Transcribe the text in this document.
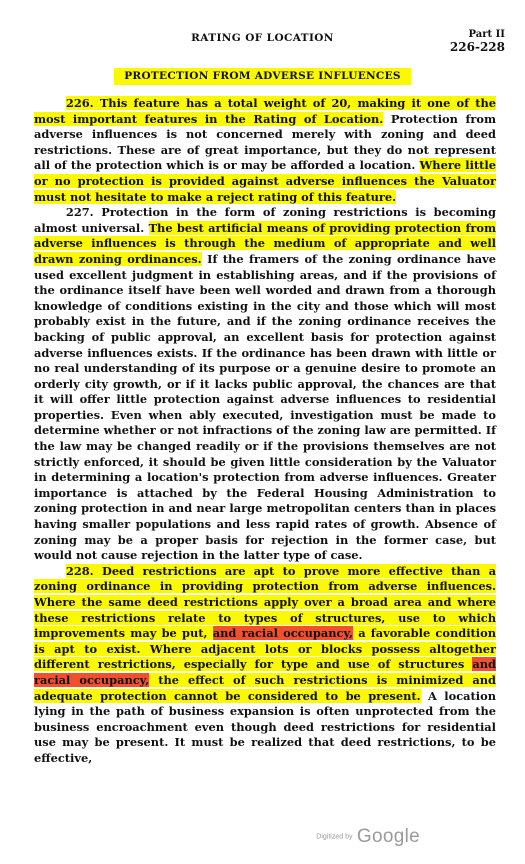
RATING OF LOCATION	Part II
226-228
PROTECTION FROM ADVERSE INFLUENCES

226. This feature has a total weight of 20, making it one of the most important features in the Rating of Location. Protection from adverse influences is not concerned merely with zoning and deed restrictions. These are of great importance, but they do not represent all of the protection which is or may be afforded a location. Where little or no protection is provided against adverse influences the Valuator must not hesitate to make a reject rating of this feature.

227. Protection in the form of zoning restrictions is becoming almost universal. The best artificial means of providing protection from adverse influences is through the medium of appropriate and well drawn zoning ordinances. If the framers of the zoning ordinance have used excellent judgment in establishing areas, and if the provisions of the ordinance itself have been well worded and drawn from a thorough knowledge of conditions existing in the city and those which will most probably exist in the future, and if the zoning ordinance receives the backing of public approval, an excellent basis for protection against adverse influences exists. If the ordinance has been drawn with little or no real understanding of its purpose or a genuine desire to promote an orderly city growth, or if it lacks public approval, the chances are that it will offer little protection against adverse influences to residential properties. Even when ably executed, investigation must be made to determine whether or not infractions of the zoning law are permitted. If the law may be changed readily or if the provisions themselves are not strictly enforced, it should be given little consideration by the Valuator in determining a location's protection from adverse influences. Greater importance is attached by the Federal Housing Administration to zoning protection in and near large metropolitan centers than in places having smaller populations and less rapid rates of growth. Absence of zoning may be a proper basis for rejection in the former case, but would not cause rejection in the latter type of case.

228. Deed restrictions are apt to prove more effective than a zoning ordinance in providing protection from adverse influences. Where the same deed restrictions apply over a broad area and where these restrictions relate to types of structures, use to which improvements may be put, and racial occupancy, a favorable condition is apt to exist. Where adjacent lots or blocks possess altogether different restrictions, especially for type and use of structures and racial occupancy, the effect of such restrictions is minimized and adequate protection cannot be considered to be present. A location lying in the path of business expansion is often unprotected from the business encroachment even though deed restrictions for residential use may be present. It must be realized that deed restrictions, to be effective,

Digitized by Google
